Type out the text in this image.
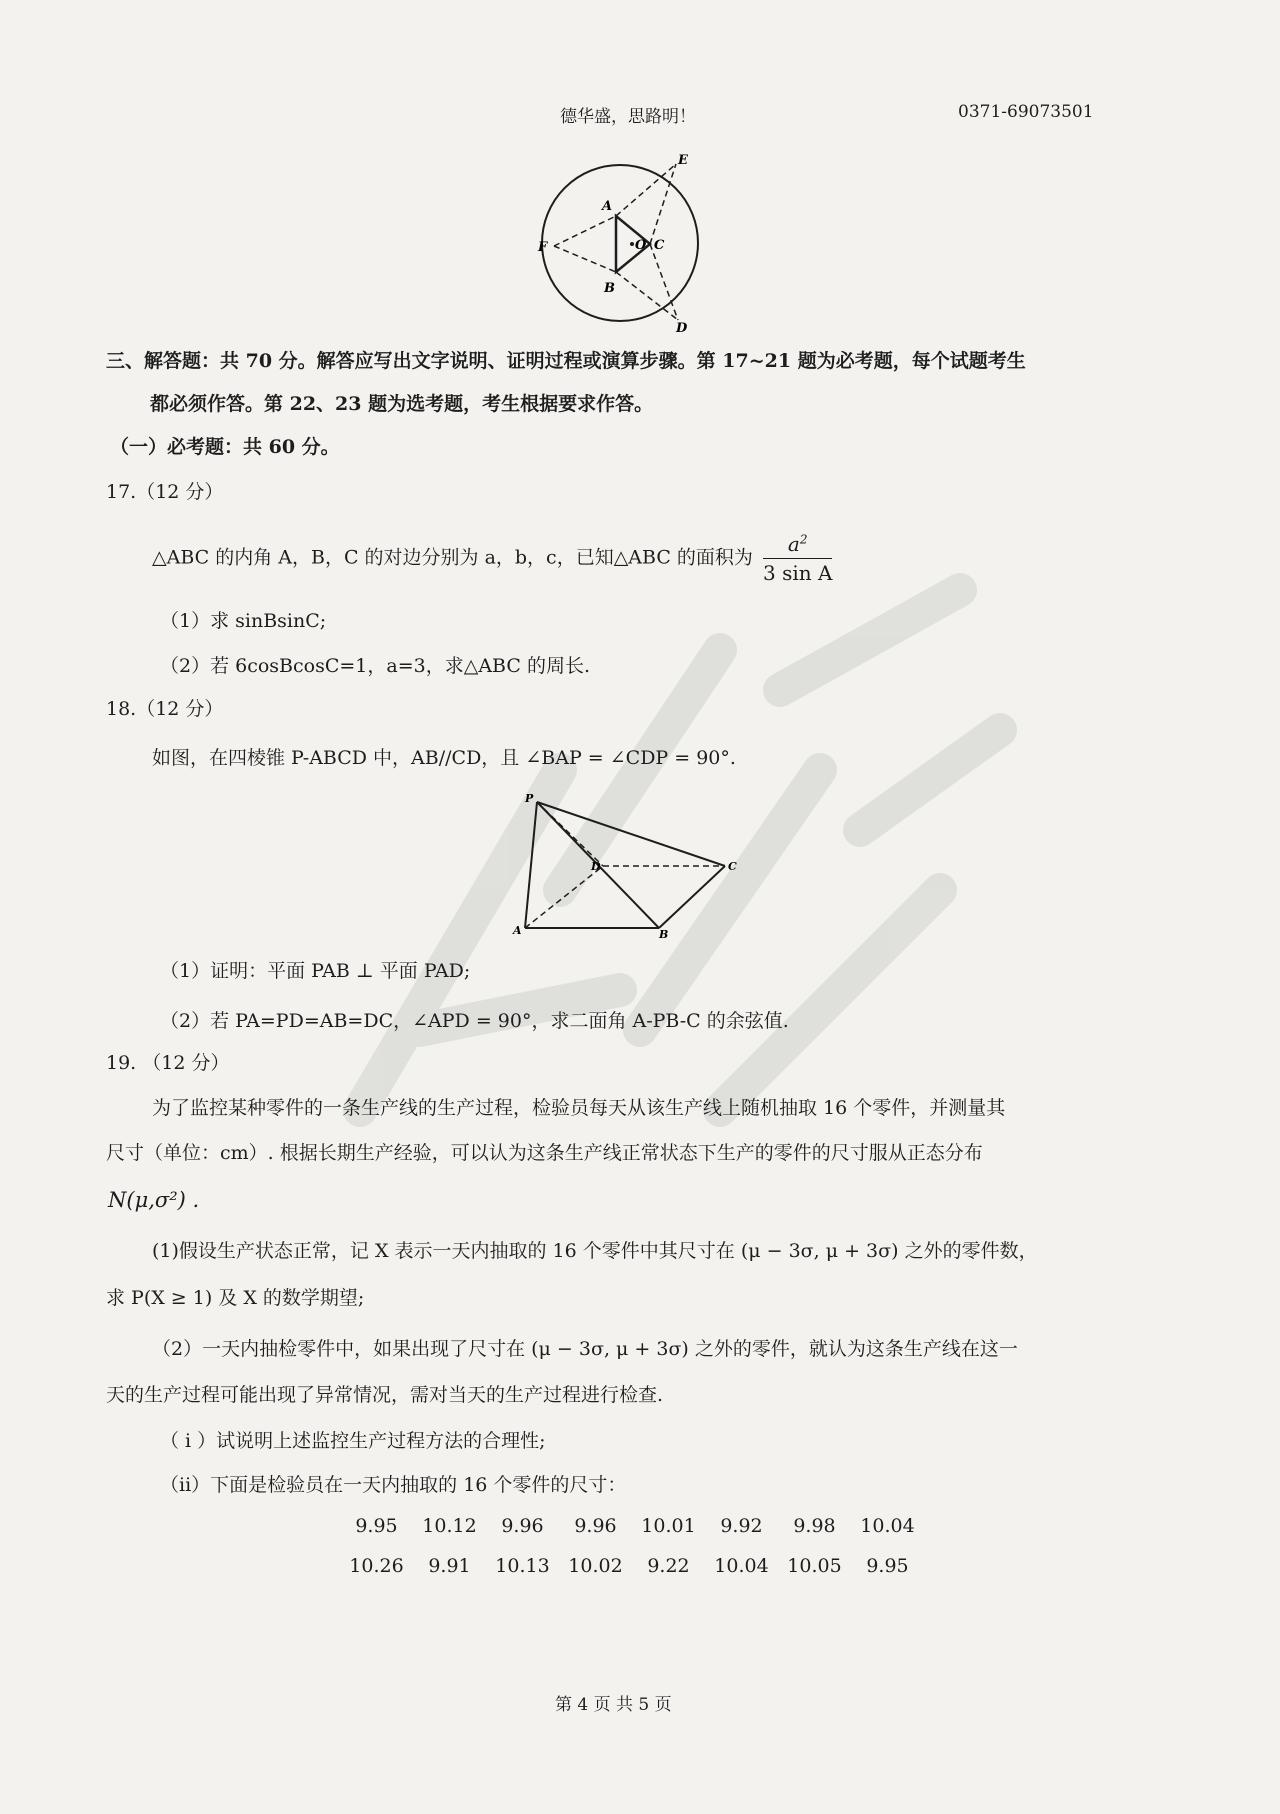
德华盛，思路明！	0371-69073501
E
A
F	O C
B
D
三、解答题：共 70 分。解答应写出文字说明、证明过程或演算步骤。第 17~21 题为必考题，每个试题考生
都必须作答。第 22、23 题为选考题，考生根据要求作答。
（一）必考题：共 60 分。
17.（12 分）
△ABC 的内角 A，B，C 的对边分别为 a，b，c，已知△ABC 的面积为 $\frac{a^2}{\text{3 sin A}}$
（1）求 sinBsinC;
（2）若 6cosBcosC=1，a=3，求△ABC 的周长.
18.（12 分）
如图，在四棱锥 P-ABCD 中，AB//CD，且 ∠BAP = ∠CDP = 90°.
P
D	C
A	B
（1）证明：平面 PAB ⊥ 平面 PAD;
（2）若 PA=PD=AB=DC，∠APD = 90°，求二面角 A-PB-C 的余弦值.
19. （12 分）
为了监控某种零件的一条生产线的生产过程，检验员每天从该生产线上随机抽取 16 个零件，并测量其
尺寸（单位：cm）. 根据长期生产经验，可以认为这条生产线正常状态下生产的零件的尺寸服从正态分布
N(μ,σ²) .
(1)假设生产状态正常，记 X 表示一天内抽取的 16 个零件中其尺寸在 (μ − 3σ, μ + 3σ) 之外的零件数，
求 P(X ≥ 1) 及 X 的数学期望;
（2）一天内抽检零件中，如果出现了尺寸在 (μ − 3σ, μ + 3σ) 之外的零件，就认为这条生产线在这一
天的生产过程可能出现了异常情况，需对当天的生产过程进行检查.
（ i ）试说明上述监控生产过程方法的合理性;
（ii）下面是检验员在一天内抽取的 16 个零件的尺寸：
9.95 10.12 9.96 9.96 10.01 9.92 9.98 10.04
10.26 9.91 10.13 10.02 9.22 10.04 10.05 9.95
第 4 页 共 5 页
